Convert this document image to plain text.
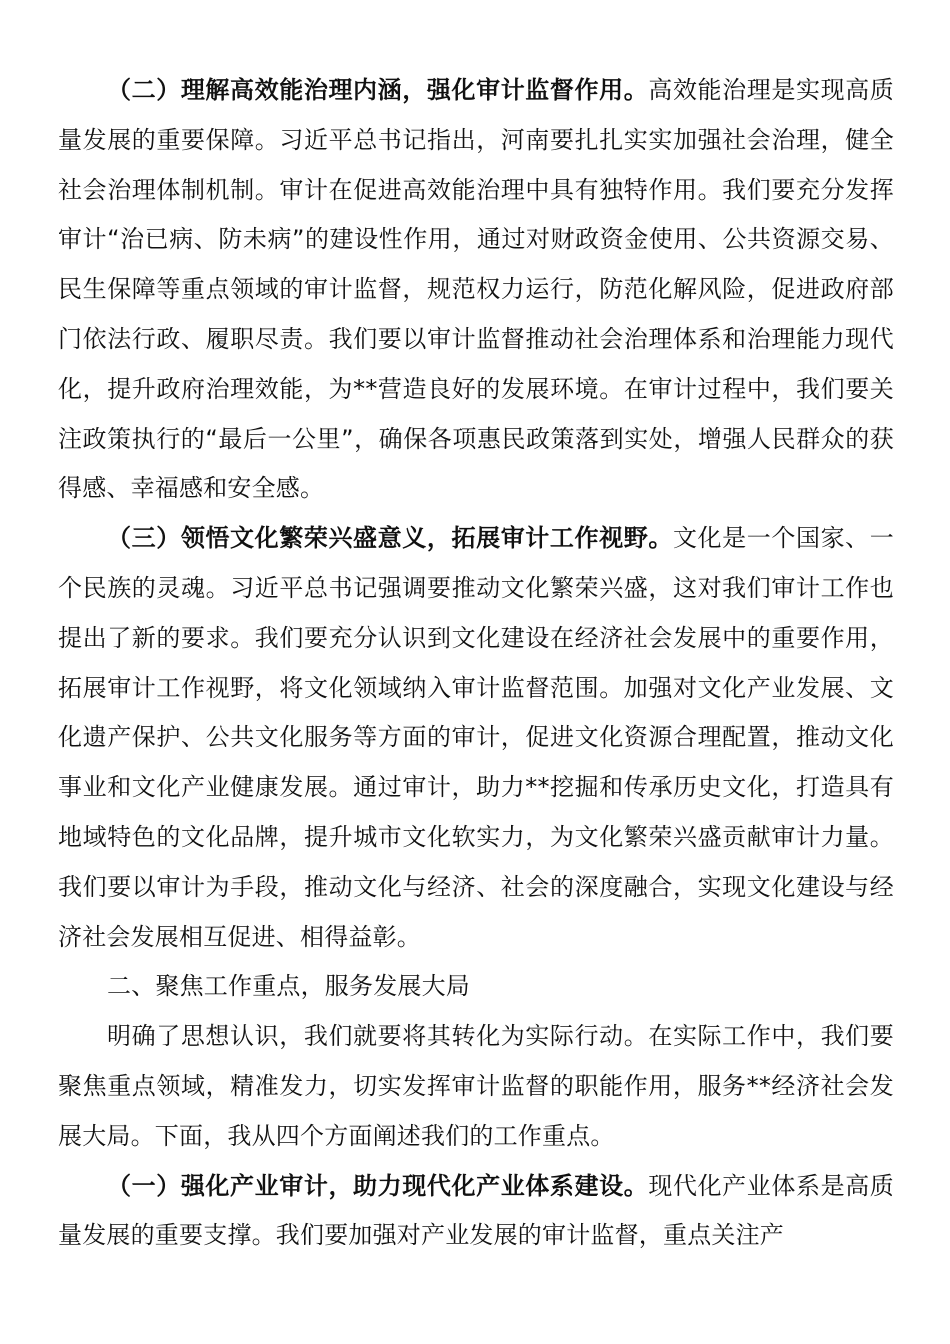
（二）理解高效能治理内涵，强化审计监督作用。高效能治理是实现高质量发展的重要保障。习近平总书记指出，河南要扎扎实实加强社会治理，健全社会治理体制机制。审计在促进高效能治理中具有独特作用。我们要充分发挥审计“治已病、防未病”的建设性作用，通过对财政资金使用、公共资源交易、民生保障等重点领域的审计监督，规范权力运行，防范化解风险，促进政府部门依法行政、履职尽责。我们要以审计监督推动社会治理体系和治理能力现代化，提升政府治理效能，为**营造良好的发展环境。在审计过程中，我们要关注政策执行的“最后一公里”，确保各项惠民政策落到实处，增强人民群众的获得感、幸福感和安全感。

（三）领悟文化繁荣兴盛意义，拓展审计工作视野。文化是一个国家、一个民族的灵魂。习近平总书记强调要推动文化繁荣兴盛，这对我们审计工作也提出了新的要求。我们要充分认识到文化建设在经济社会发展中的重要作用，拓展审计工作视野，将文化领域纳入审计监督范围。加强对文化产业发展、文化遗产保护、公共文化服务等方面的审计，促进文化资源合理配置，推动文化事业和文化产业健康发展。通过审计，助力**挖掘和传承历史文化，打造具有地域特色的文化品牌，提升城市文化软实力，为文化繁荣兴盛贡献审计力量。我们要以审计为手段，推动文化与经济、社会的深度融合，实现文化建设与经济社会发展相互促进、相得益彰。

二、聚焦工作重点，服务发展大局

明确了思想认识，我们就要将其转化为实际行动。在实际工作中，我们要聚焦重点领域，精准发力，切实发挥审计监督的职能作用，服务**经济社会发展大局。下面，我从四个方面阐述我们的工作重点。

（一）强化产业审计，助力现代化产业体系建设。现代化产业体系是高质量发展的重要支撑。我们要加强对产业发展的审计监督，重点关注产
